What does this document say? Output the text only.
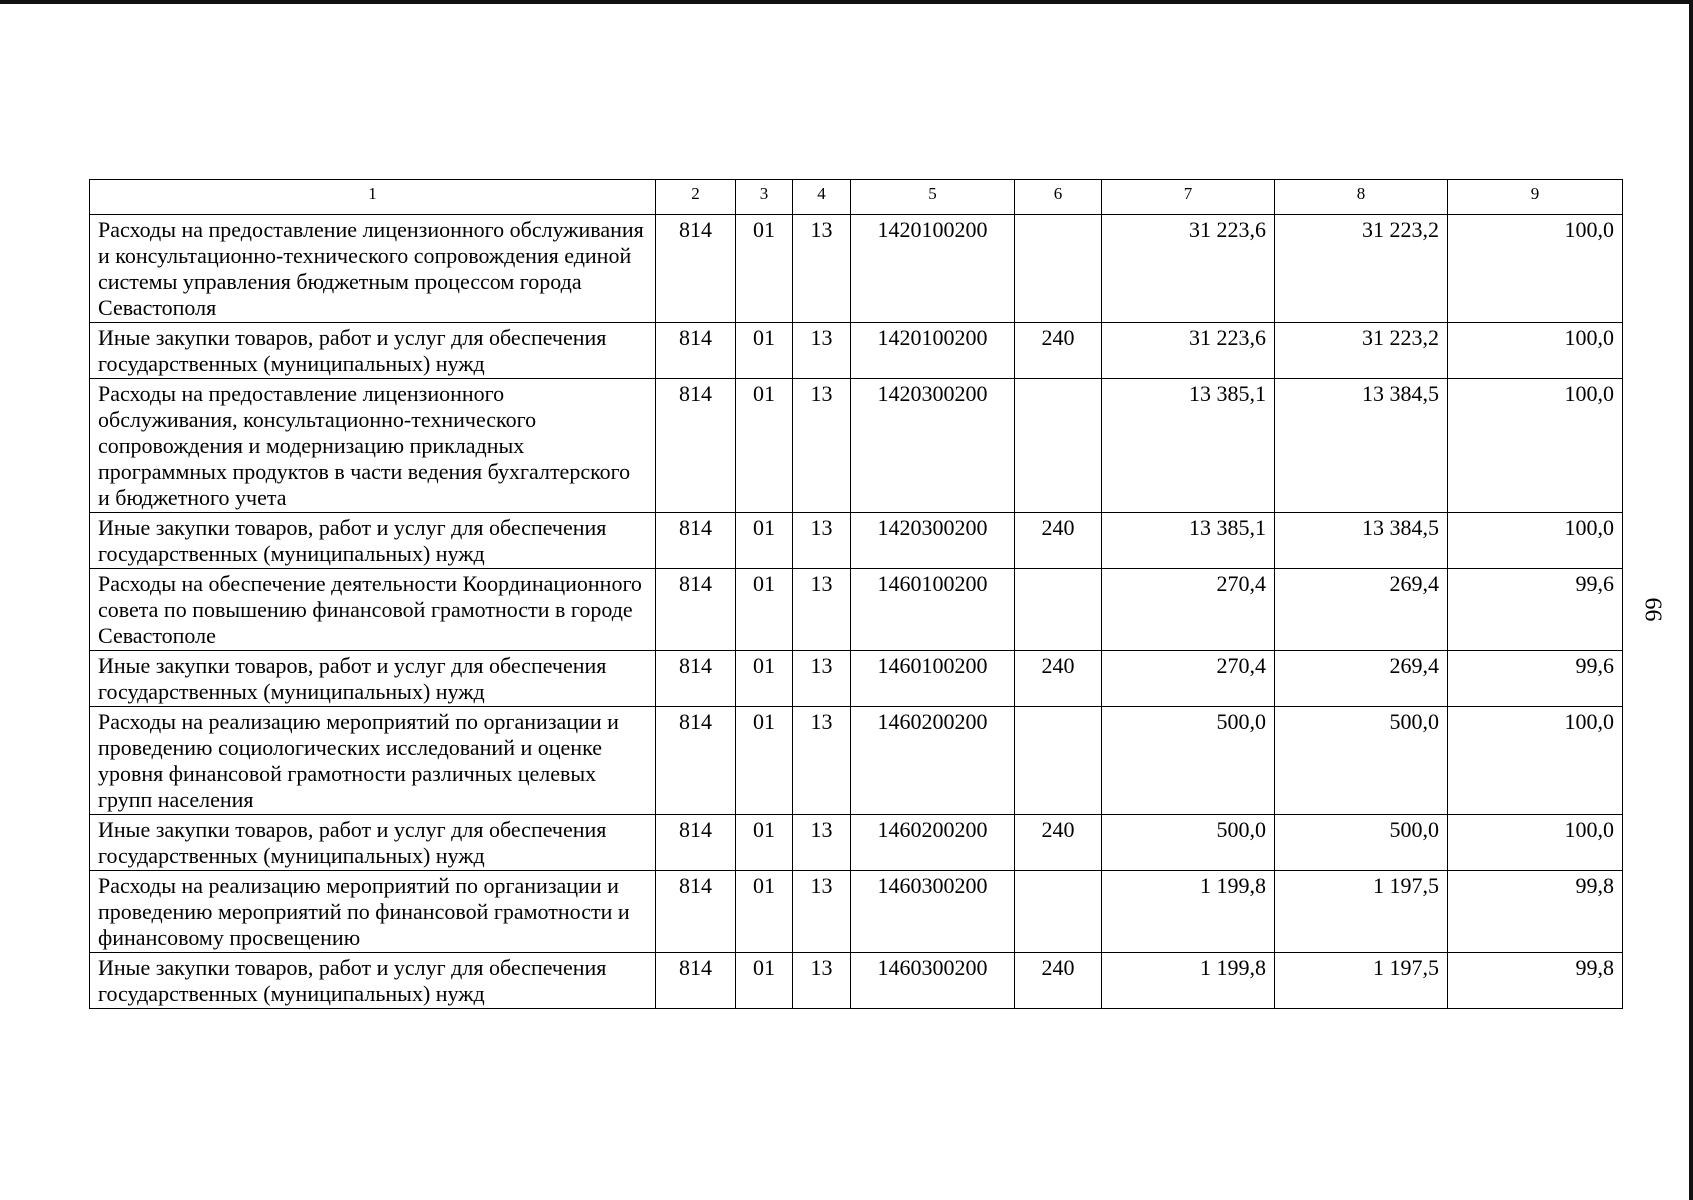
66
1	2	3	4	5	6	7	8	9
Расходы на предоставление лицензионного обслуживания и консультационно-технического сопровождения единой системы управления бюджетным процессом города Севастополя	814	01	13	1420100200		31 223,6	31 223,2	100,0
Иные закупки товаров, работ и услуг для обеспечения государственных (муниципальных) нужд	814	01	13	1420100200	240	31 223,6	31 223,2	100,0
Расходы на предоставление лицензионного обслуживания, консультационно-технического сопровождения и модернизацию прикладных программных продуктов в части ведения бухгалтерского и бюджетного учета	814	01	13	1420300200		13 385,1	13 384,5	100,0
Иные закупки товаров, работ и услуг для обеспечения государственных (муниципальных) нужд	814	01	13	1420300200	240	13 385,1	13 384,5	100,0
Расходы на обеспечение деятельности Координационного совета по повышению финансовой грамотности в городе Севастополе	814	01	13	1460100200		270,4	269,4	99,6
Иные закупки товаров, работ и услуг для обеспечения государственных (муниципальных) нужд	814	01	13	1460100200	240	270,4	269,4	99,6
Расходы на реализацию мероприятий по организации и проведению социологических исследований и оценке уровня финансовой грамотности различных целевых групп населения	814	01	13	1460200200		500,0	500,0	100,0
Иные закупки товаров, работ и услуг для обеспечения государственных (муниципальных) нужд	814	01	13	1460200200	240	500,0	500,0	100,0
Расходы на реализацию мероприятий по организации и проведению мероприятий по финансовой грамотности и финансовому просвещению	814	01	13	1460300200		1 199,8	1 197,5	99,8
Иные закупки товаров, работ и услуг для обеспечения государственных (муниципальных) нужд	814	01	13	1460300200	240	1 199,8	1 197,5	99,8
